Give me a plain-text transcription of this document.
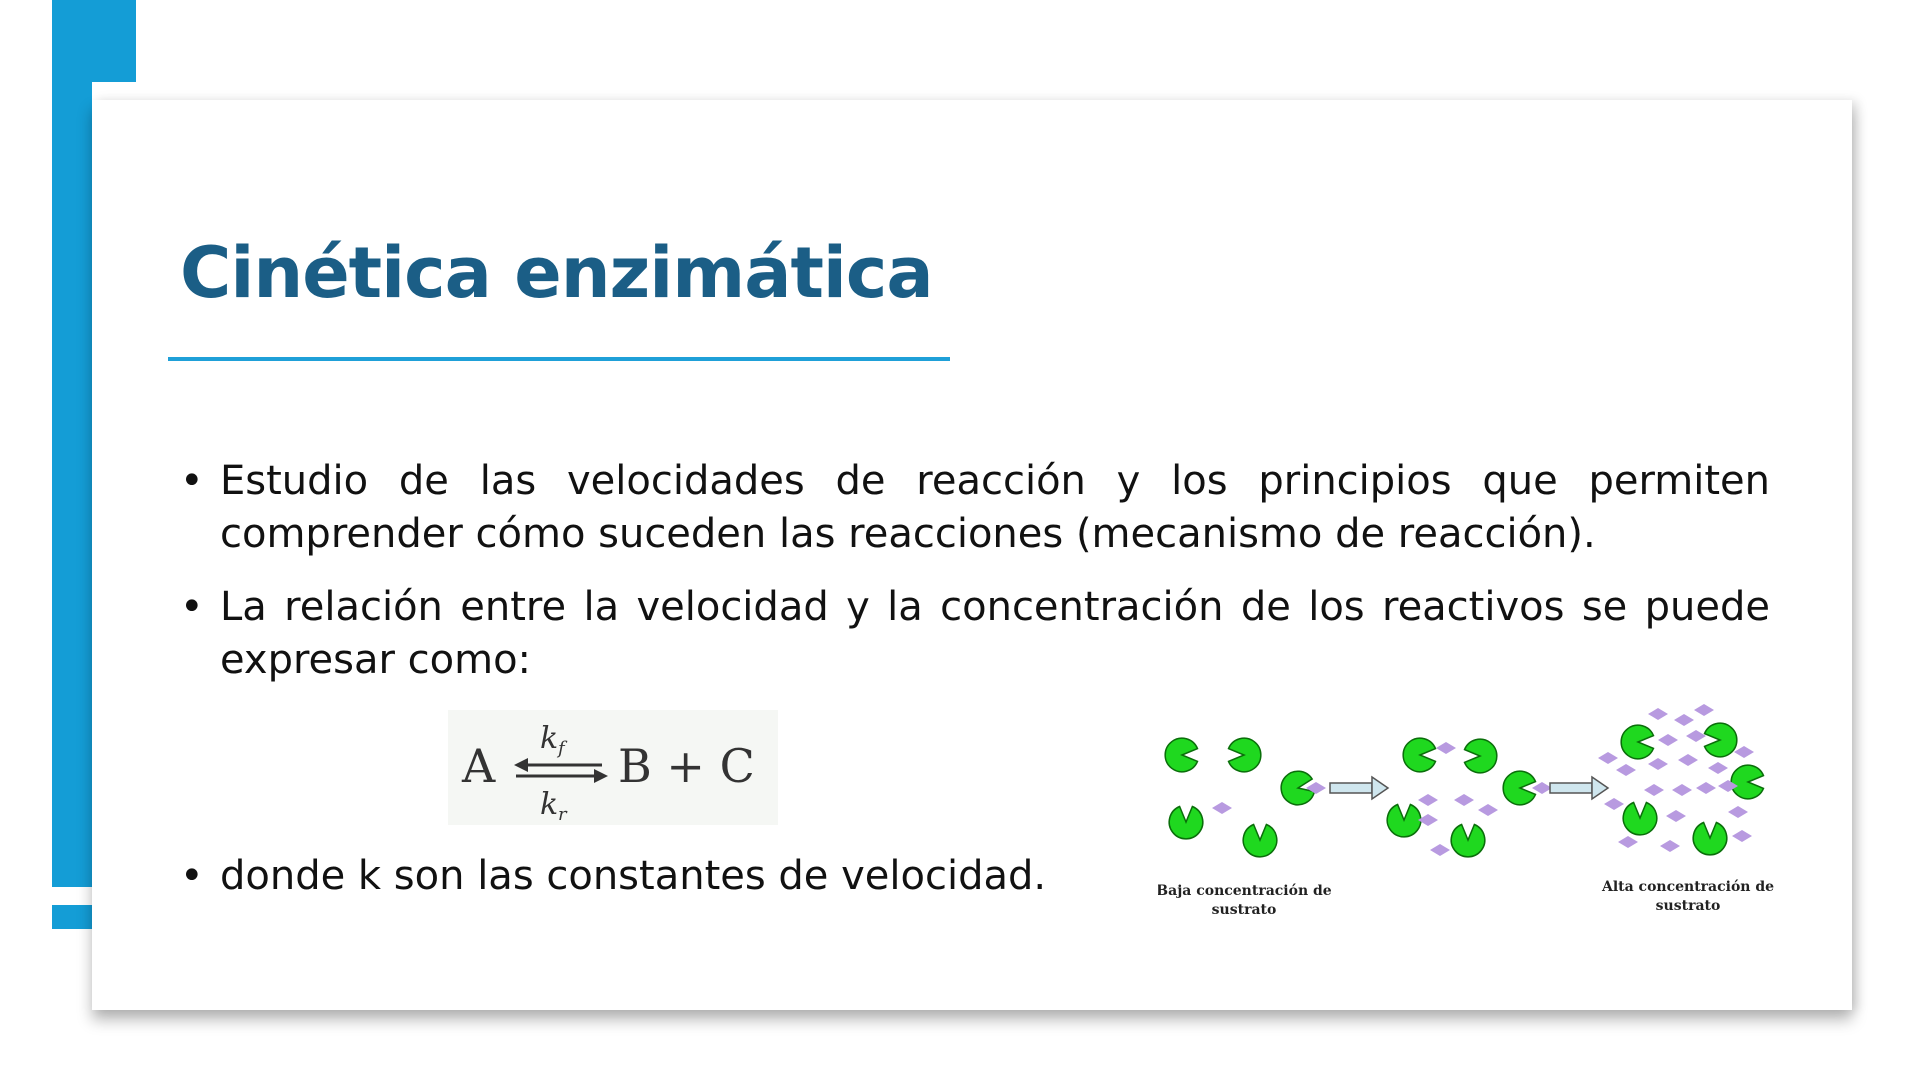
Cinética enzimática
• Estudio de las velocidades de reacción y los principios que permiten comprender cómo suceden las reacciones (mecanismo de reacción).
• La relación entre la velocidad y la concentración de los reactivos se puede expresar como:
A
k f
k r
B + C
• donde k son las constantes de velocidad.	Baja concentración de
sustrato
Alta concentración de
sustrato
